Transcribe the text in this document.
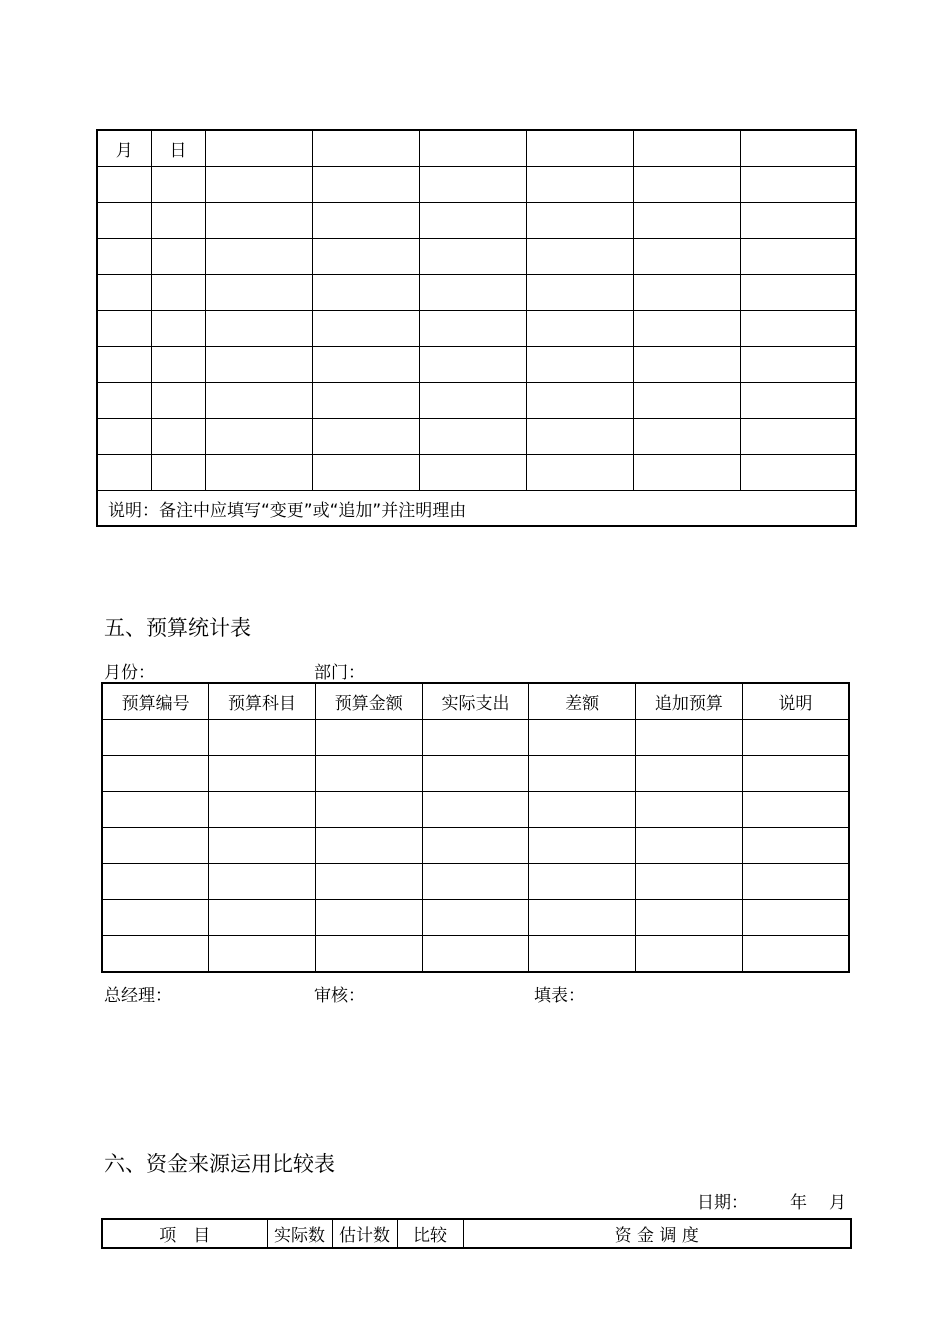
月	日						

说明：备注中应填写“变更”或“追加”并注明理由							
五、预算统计表
月份：	部门：
预算编号	预算科目	预算金额	实际支出	差额	追加预算	说明

总经理：	审核：	填表：
六、资金来源运用比较表
日期： 年 月
项　目	实际数	估计数	比较	资 金 调 度
